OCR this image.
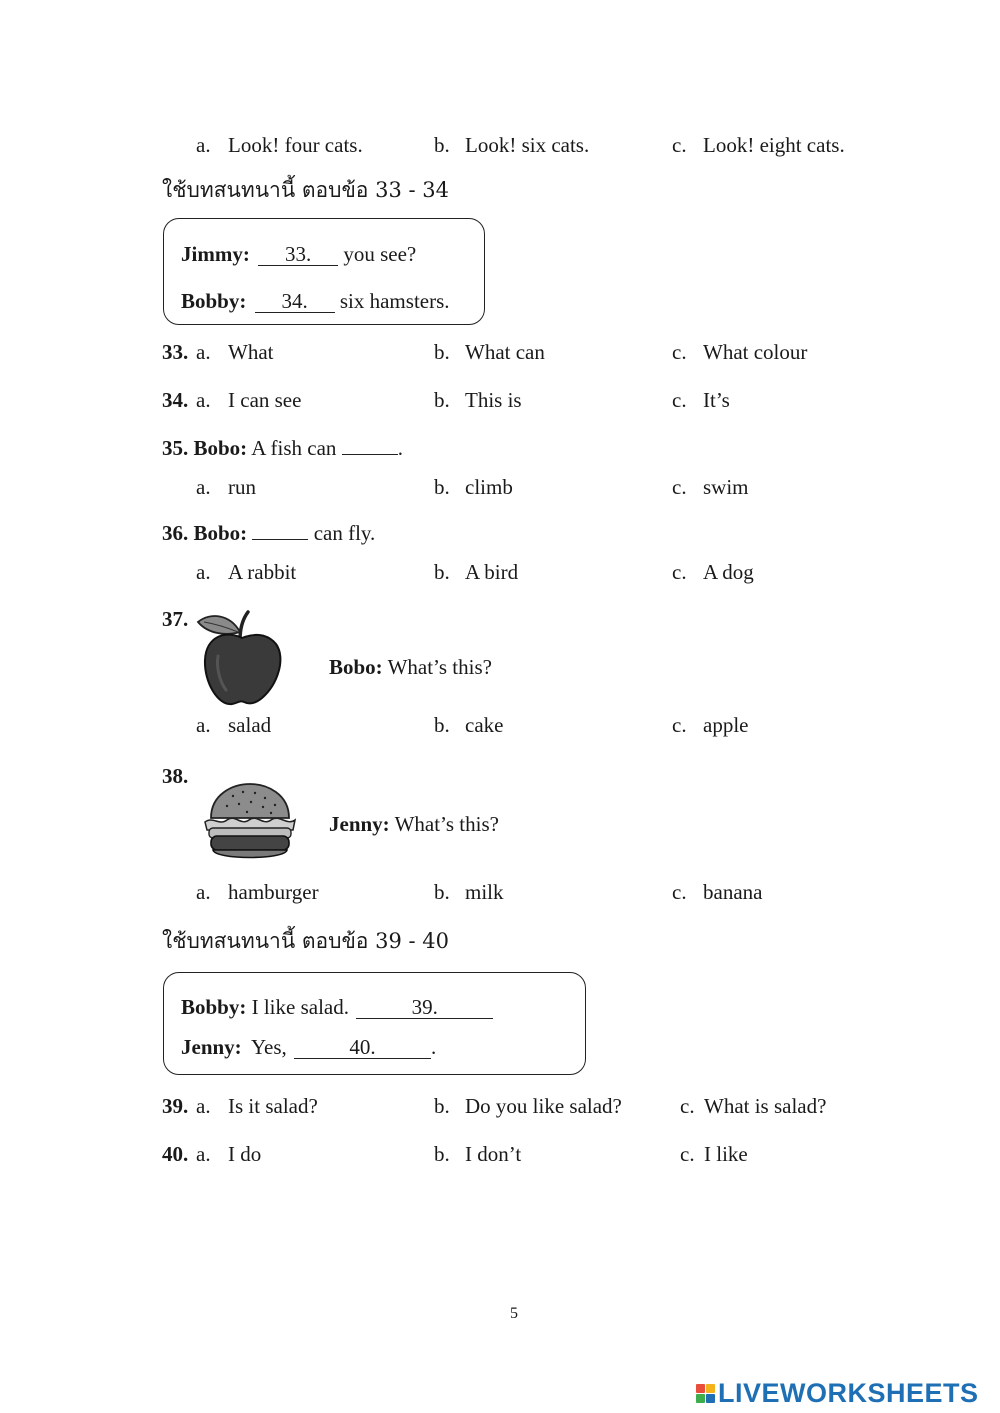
a. Look! four cats.	b. Look! six cats.	c. Look! eight cats.
ใช้บทสนทนานี้ ตอบข้อ 33 - 34
Jimmy: 33. you see?
Bobby: 34. six hamsters.
33. a. What	b. What can	c. What colour
34. a. I can see	b. This is	c. It’s
35. Bobo: A fish can	.
a. run	b. climb	c. swim
36. Bobo:	can fly.
a. A rabbit	b. A bird	c. A dog
37.
Bobo: What’s this?
a. salad	b. cake	c. apple
38.
Jenny: What’s this?
a. hamburger	b. milk	c. banana
ใช้บทสนทนานี้ ตอบข้อ 39 - 40
Bobby: I like salad.	39.
Jenny: Yes,	40.	.
39. a. Is it salad?	b. Do you like salad?	c. What is salad?
40. a. I do	b. I don’t	c. I like
5
LIVEWORKSHEETS
